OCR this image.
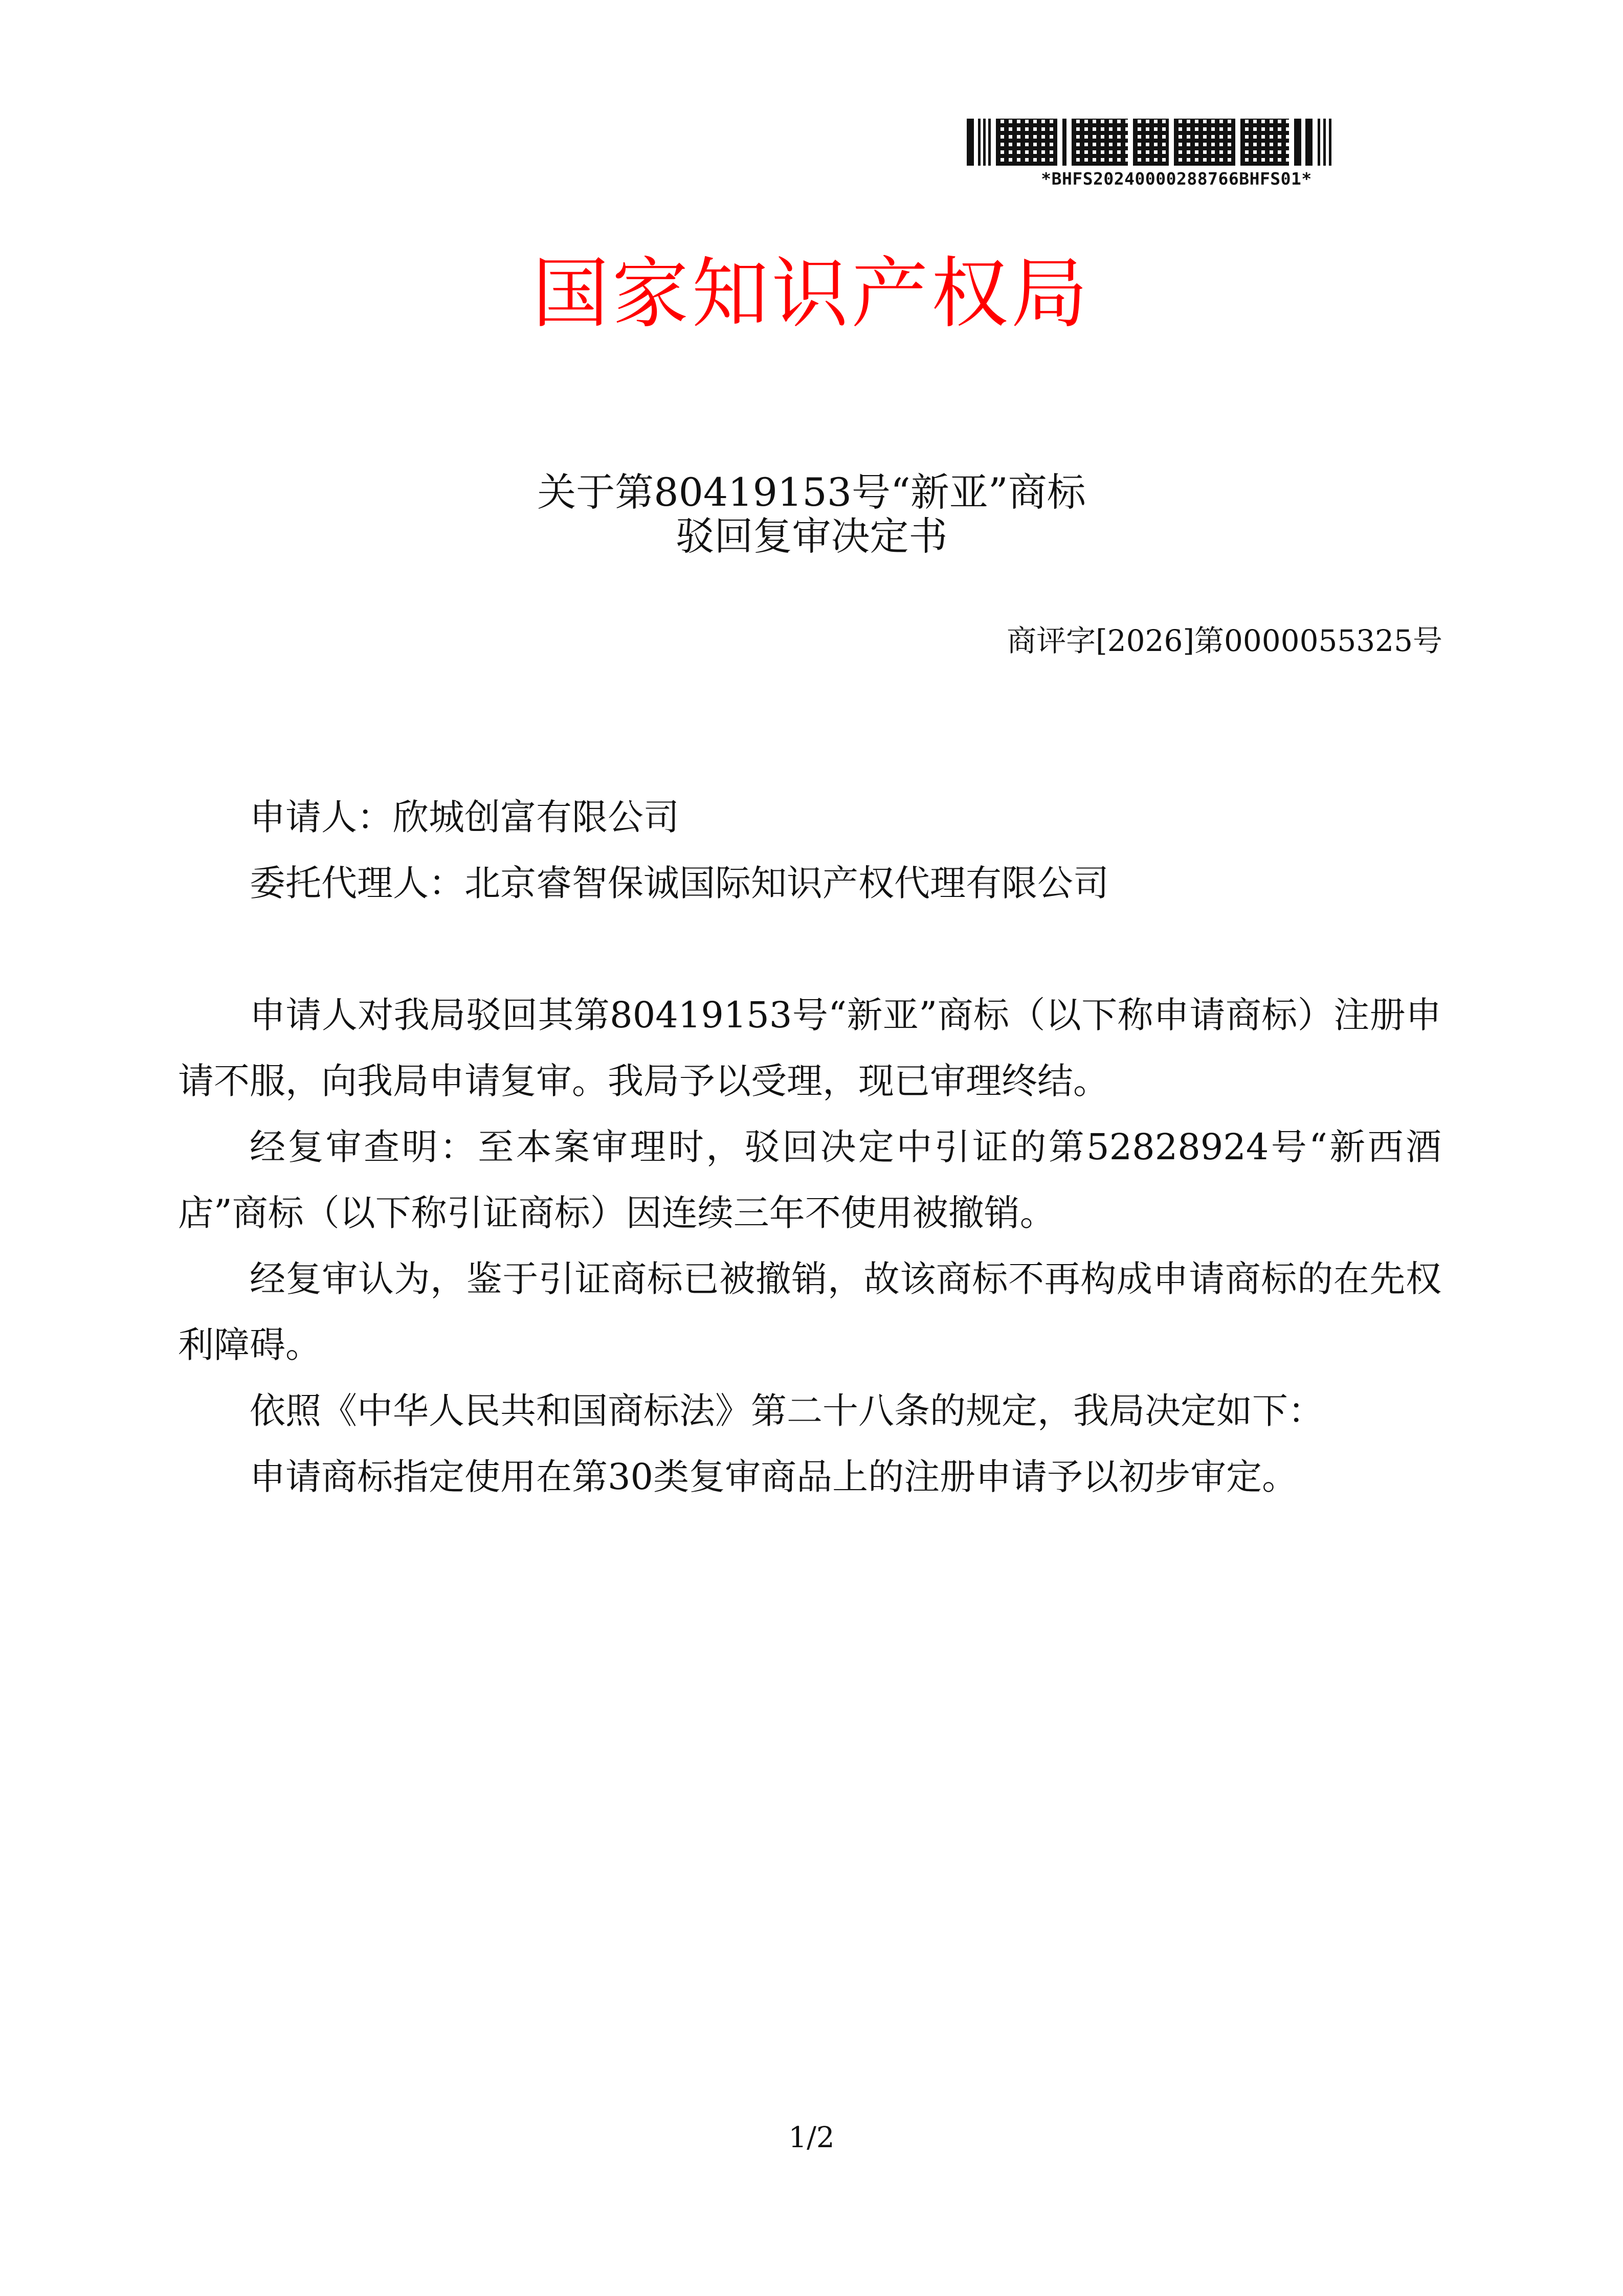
*BHFS20240000288766BHFS01*
国家知识产权局
关于第80419153号“新亚”商标
驳回复审决定书
商评字[2026]第0000055325号

申请人：欣城创富有限公司

委托代理人：北京睿智保诚国际知识产权代理有限公司

申请人对我局驳回其第80419153号“新亚”商标（以下称申请商标）注册申请不服，向我局申请复审。我局予以受理，现已审理终结。

经复审查明：至本案审理时，驳回决定中引证的第52828924号“新西酒店”商标（以下称引证商标）因连续三年不使用被撤销。

经复审认为，鉴于引证商标已被撤销，故该商标不再构成申请商标的在先权利障碍。

依照《中华人民共和国商标法》第二十八条的规定，我局决定如下：

申请商标指定使用在第30类复审商品上的注册申请予以初步审定。

1/2
